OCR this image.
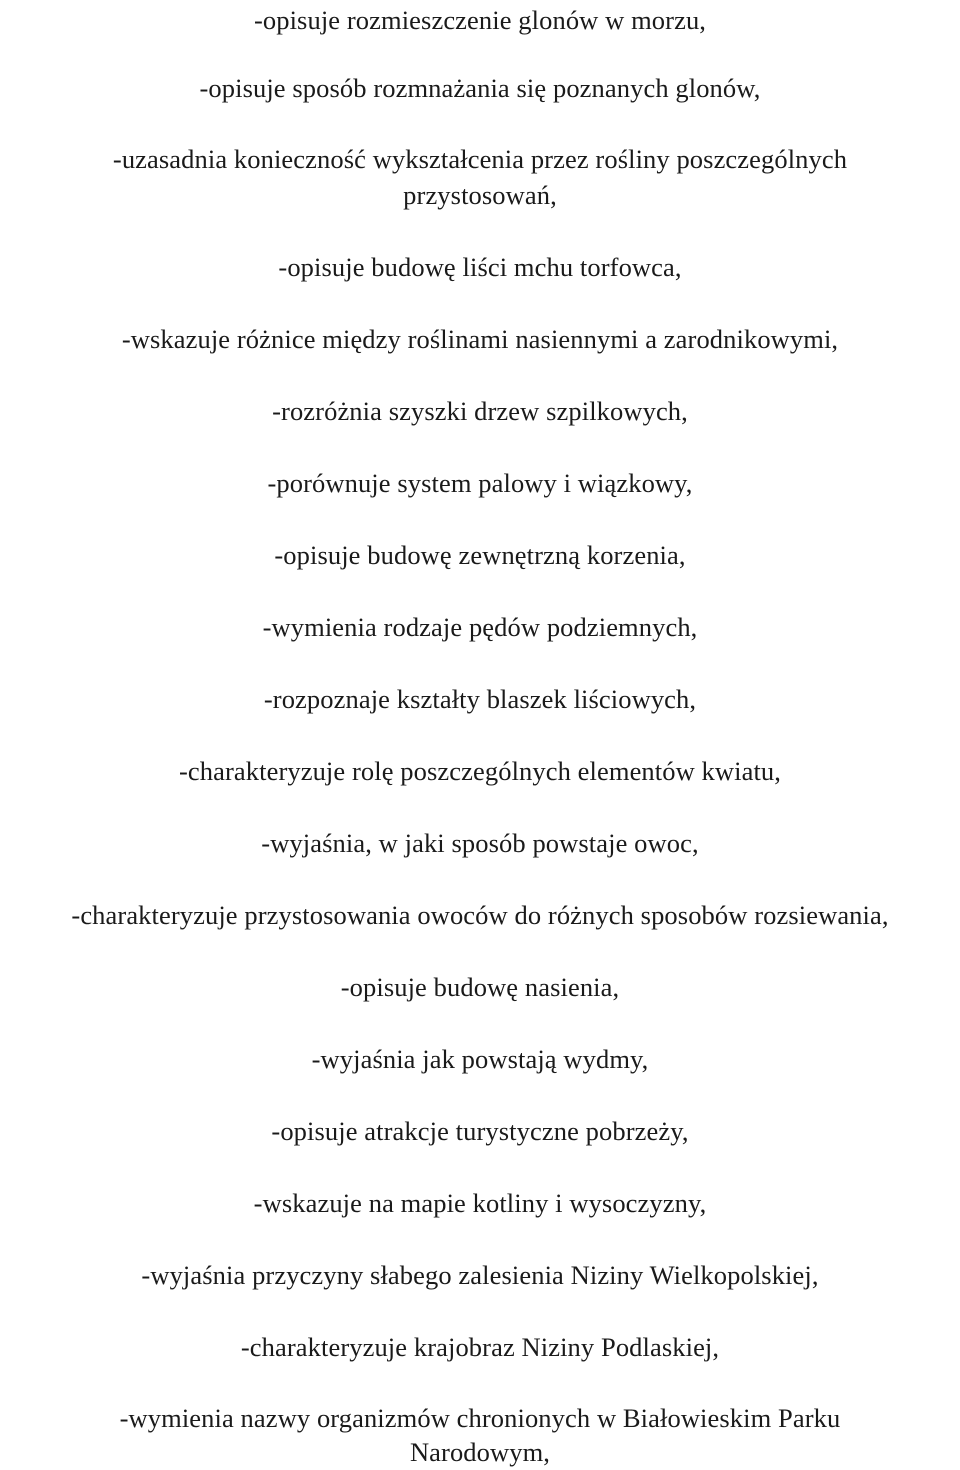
-opisuje rozmieszczenie glonów w morzu,
-opisuje sposób rozmnażania się poznanych glonów,
-uzasadnia konieczność wykształcenia przez rośliny poszczególnych
przystosowań,
-opisuje budowę liści mchu torfowca,
-wskazuje różnice między roślinami nasiennymi a zarodnikowymi,
-rozróżnia szyszki drzew szpilkowych,
-porównuje system palowy i wiązkowy,
-opisuje budowę zewnętrzną korzenia,
-wymienia rodzaje pędów podziemnych,
-rozpoznaje kształty blaszek liściowych,
-charakteryzuje rolę poszczególnych elementów kwiatu,
-wyjaśnia, w jaki sposób powstaje owoc,
-charakteryzuje przystosowania owoców do różnych sposobów rozsiewania,
-opisuje budowę nasienia,
-wyjaśnia jak powstają wydmy,
-opisuje atrakcje turystyczne pobrzeży,
-wskazuje na mapie kotliny i wysoczyzny,
-wyjaśnia przyczyny słabego zalesienia Niziny Wielkopolskiej,
-charakteryzuje krajobraz Niziny Podlaskiej,
-wymienia nazwy organizmów chronionych w Białowieskim Parku
Narodowym,
